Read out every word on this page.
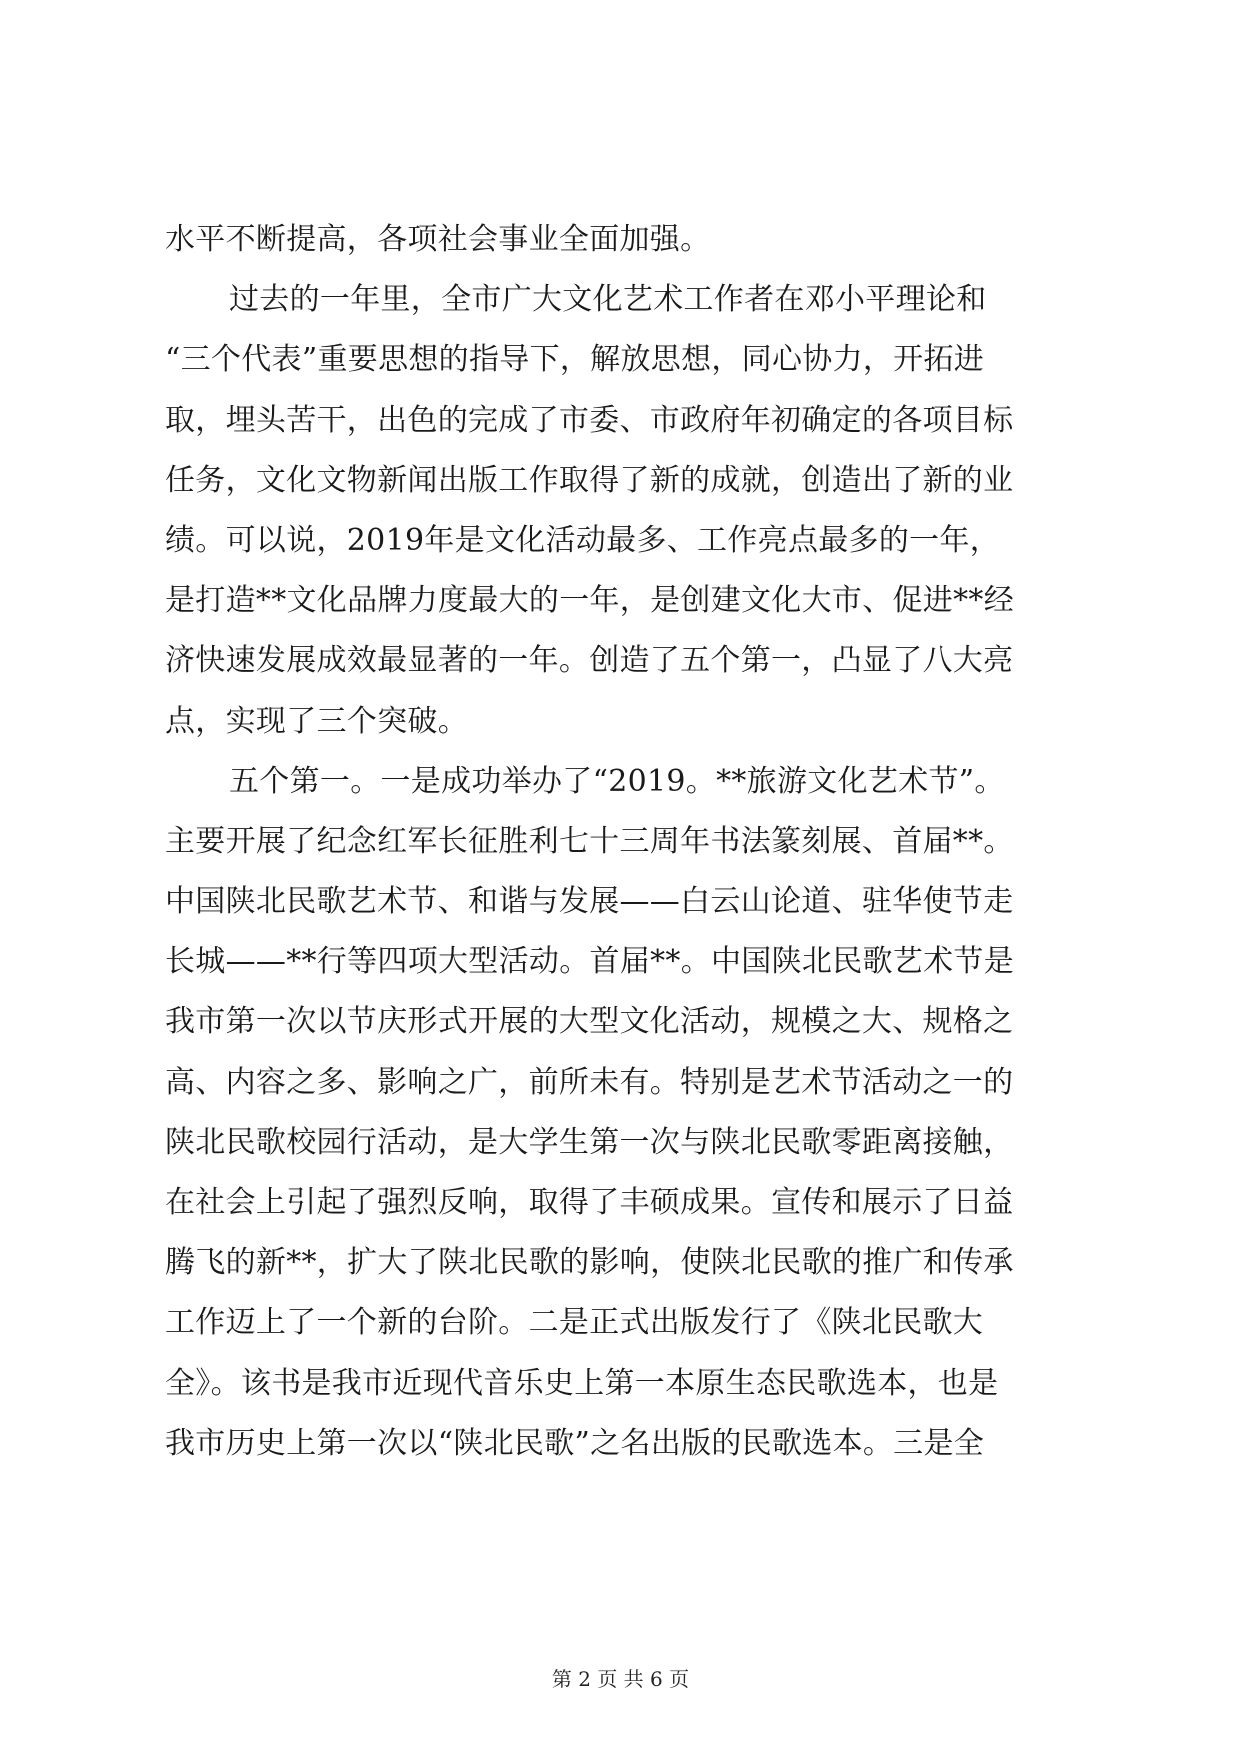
水平不断提高，各项社会事业全面加强。
过去的一年里，全市广大文化艺术工作者在邓小平理论和
“三个代表”重要思想的指导下，解放思想，同心协力，开拓进
取，埋头苦干，出色的完成了市委、市政府年初确定的各项目标
任务，文化文物新闻出版工作取得了新的成就，创造出了新的业
绩。可以说，2019年是文化活动最多、工作亮点最多的一年，
是打造**文化品牌力度最大的一年，是创建文化大市、促进**经
济快速发展成效最显著的一年。创造了五个第一，凸显了八大亮
点，实现了三个突破。
五个第一。一是成功举办了“2019。**旅游文化艺术节”。
主要开展了纪念红军长征胜利七十三周年书法篆刻展、首届**。
中国陕北民歌艺术节、和谐与发展——白云山论道、驻华使节走
长城——**行等四项大型活动。首届**。中国陕北民歌艺术节是
我市第一次以节庆形式开展的大型文化活动，规模之大、规格之
高、内容之多、影响之广，前所未有。特别是艺术节活动之一的
陕北民歌校园行活动，是大学生第一次与陕北民歌零距离接触，
在社会上引起了强烈反响，取得了丰硕成果。宣传和展示了日益
腾飞的新**，扩大了陕北民歌的影响，使陕北民歌的推广和传承
工作迈上了一个新的台阶。二是正式出版发行了《陕北民歌大
全》。该书是我市近现代音乐史上第一本原生态民歌选本，也是
我市历史上第一次以“陕北民歌”之名出版的民歌选本。三是全
第 2 页 共 6 页
